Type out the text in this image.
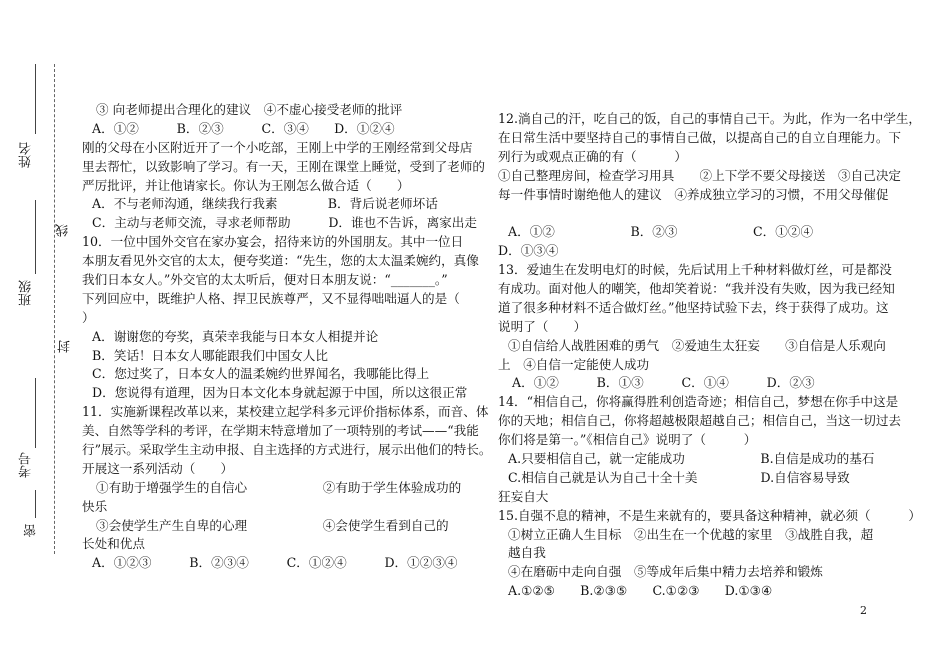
姓名
线
班级
封
考号
密
③ 向老师提出合理化的建议　④不虚心接受老师的批评
A．①②　　　B．②③　　　C．③④　　D．①②④
刚的父母在小区附近开了一个小吃部，王刚上中学的王刚经常到父母店
里去帮忙，以致影响了学习。有一天，王刚在课堂上睡觉，受到了老师的
严厉批评，并让他请家长。你认为王刚怎么做合适（　　）
A．不与老师沟通，继续我行我素　　　　B．背后说老师坏话
C．主动与老师交流，寻求老师帮助　　　D．谁也不告诉，离家出走
10．一位中国外交官在家办宴会，招待来访的外国朋友。其中一位日
本朋友看见外交官的太太，便夸奖道：“先生，您的太太温柔婉约，真像
我们日本女人。”外交官的太太听后，便对日本朋友说：“_______。”
下列回应中，既维护人格、捍卫民族尊严，又不显得咄咄逼人的是（
）
A．谢谢您的夸奖，真荣幸我能与日本女人相提并论
B．笑话！日本女人哪能跟我们中国女人比
C．您过奖了，日本女人的温柔婉约世界闻名，我哪能比得上
D．您说得有道理，因为日本文化本身就起源于中国，所以这很正常
11．实施新课程改革以来，某校建立起学科多元评价指标体系，而音、体
美、自然等学科的考评，在学期末特意增加了一项特别的考试——“我能
行”展示。采取学生主动申报、自主选择的方式进行，展示出他们的特长。
开展这一系列活动（　　）
①有助于增强学生的自信心　　　　　　②有助于学生体验成功的
快乐
③会使学生产生自卑的心理　　　　　　④会使学生看到自己的
长处和优点
A．①②③　　　B．②③④　　　C．①②④　　　D．①②③④
12.淌自己的汗，吃自己的饭，自己的事情自己干。为此，作为一名中学生，
在日常生活中要坚持自己的事情自己做，以提高自己的自立自理能力。下
列行为或观点正确的有（　　　）
①自己整理房间，检查学习用具　　②上下学不要父母接送　③自己决定
每一件事情时谢绝他人的建议　④养成独立学习的习惯，不用父母催促
A．①②　　　　　　B．②③　　　　　　C．①②④
D．①③④
13．爱迪生在发明电灯的时候，先后试用上千种材料做灯丝，可是都没
有成功。面对他人的嘲笑，他却笑着说：“我并没有失败，因为我已经知
道了很多种材料不适合做灯丝。”他坚持试验下去，终于获得了成功。这
说明了（　　）
①自信给人战胜困难的勇气　②爱迪生太狂妄　　③自信是人乐观向
上　④自信一定能使人成功
A．①②　　　B．①③　　　C．①④　　　D．②③
14．“相信自己，你将赢得胜利创造奇迹；相信自己，梦想在你手中这是
你的天地；相信自己，你将超越极限超越自己；相信自己，当这一切过去
你们将是第一。”《相信自己》说明了（　　　）
A.只要相信自己，就一定能成功　　　　　　B.自信是成功的基石
C.相信自己就是认为自己十全十美　　　　　D.自信容易导致
狂妄自大
15.自强不息的精神，不是生来就有的，要具备这种精神，就必须（　　　）
①树立正确人生目标　②出生在一个优越的家里　③战胜自我，超
越自我
④在磨砺中走向自强　⑤等成年后集中精力去培养和锻炼
A.①②⑤　　B.②③⑤　　C.①②③　　D.①③④
2
